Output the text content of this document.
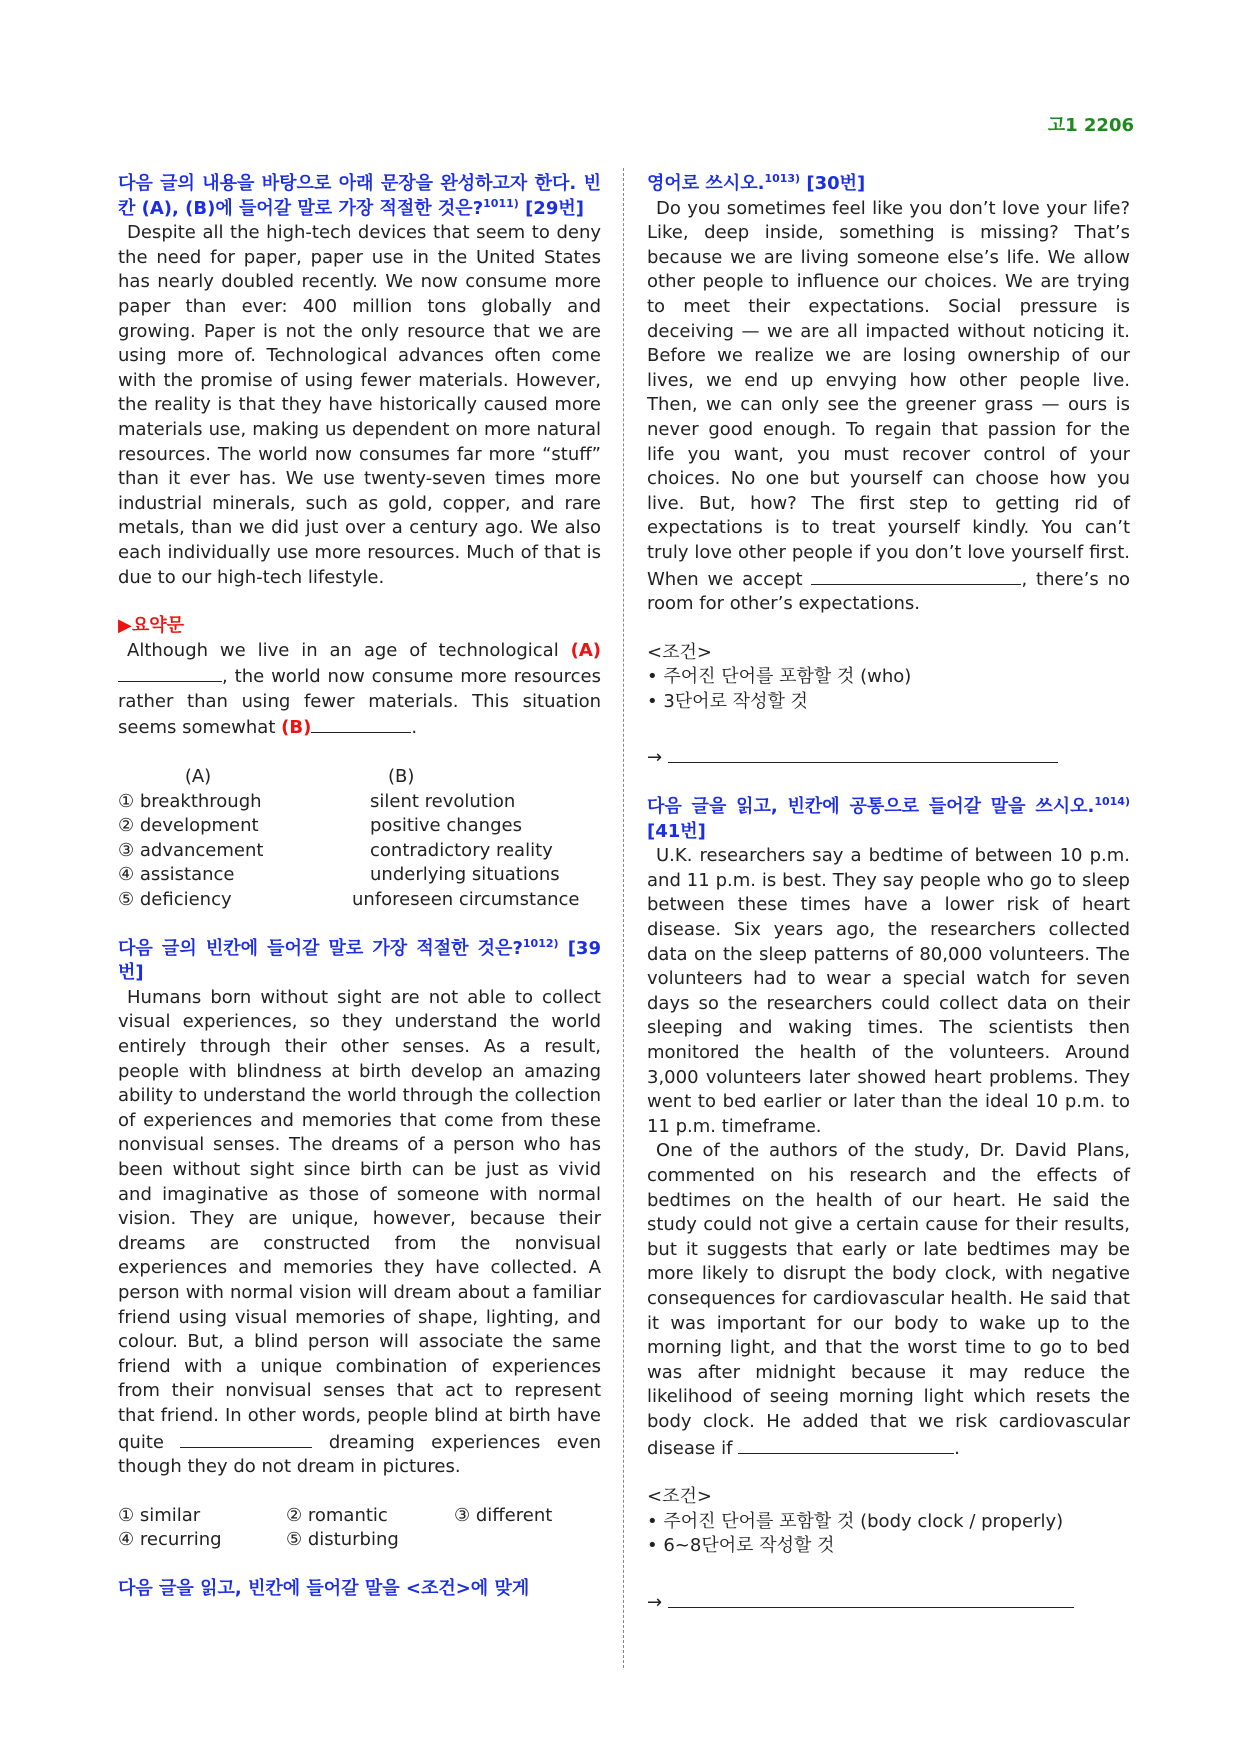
고1 2206

다음 글의 내용을 바탕으로 아래 문장을 완성하고자 한다. 빈칸 (A), (B)에 들어갈 말로 가장 적절한 것은?$^{1011)}$ [29번]

Despite all the high-tech devices that seem to deny the need for paper, paper use in the United States has nearly doubled recently. We now consume more paper than ever: 400 million tons globally and growing. Paper is not the only resource that we are using more of. Technological advances often come with the promise of using fewer materials. However, the reality is that they have historically caused more materials use, making us dependent on more natural resources. The world now consumes far more “stuff” than it ever has. We use twenty-seven times more industrial minerals, such as gold, copper, and rare metals, than we did just over a century ago. We also each individually use more resources. Much of that is due to our high-tech lifestyle.

▶요약문

Although we live in an age of technological (A), the world now consume more resources rather than using fewer materials. This situation seems somewhat (B)	.

(A)	(B)
① breakthrough	silent revolution
② development	positive changes
③ advancement	contradictory reality
④ assistance	underlying situations
⑤ deficiency	unforeseen circumstance

다음 글의 빈칸에 들어갈 말로 가장 적절한 것은?$^{1012)}$ [39번]

Humans born without sight are not able to collect visual experiences, so they understand the world entirely through their other senses. As a result, people with blindness at birth develop an amazing ability to understand the world through the collection of experiences and memories that come from these nonvisual senses. The dreams of a person who has been without sight since birth can be just as vivid and imaginative as those of someone with normal vision. They are unique, however, because their dreams are constructed from the nonvisual experiences and memories they have collected. A person with normal vision will dream about a familiar friend using visual memories of shape, lighting, and colour. But, a blind person will associate the same friend with a unique combination of experiences from their nonvisual senses that act to represent that friend. In other words, people blind at birth have quite	dreaming experiences even though they do not dream in pictures.

① similar	② romantic	③ different
④ recurring	⑤ disturbing

다음 글을 읽고, 빈칸에 들어갈 말을 <조건>에 맞게

영어로 쓰시오.$^{1013)}$ [30번]

Do you sometimes feel like you don’t love your life? Like, deep inside, something is missing? That’s because we are living someone else’s life. We allow other people to influence our choices. We are trying to meet their expectations. Social pressure is deceiving — we are all impacted without noticing it. Before we realize we are losing ownership of our lives, we end up envying how other people live. Then, we can only see the greener grass — ours is never good enough. To regain that passion for the life you want, you must recover control of your choices. No one but yourself can choose how you live. But, how? The first step to getting rid of expectations is to treat yourself kindly. You can’t truly love other people if you don’t love yourself first. When we accept	, there’s no room for other’s expectations.

<조건>

• 주어진 단어를 포함할 것 (who)

• 3단어로 작성할 것

→

다음 글을 읽고, 빈칸에 공통으로 들어갈 말을 쓰시오.$^{1014)}$ [41번]

U.K. researchers say a bedtime of between 10 p.m. and 11 p.m. is best. They say people who go to sleep between these times have a lower risk of heart disease. Six years ago, the researchers collected data on the sleep patterns of 80,000 volunteers. The volunteers had to wear a special watch for seven days so the researchers could collect data on their sleeping and waking times. The scientists then monitored the health of the volunteers. Around 3,000 volunteers later showed heart problems. They went to bed earlier or later than the ideal 10 p.m. to 11 p.m. timeframe.

One of the authors of the study, Dr. David Plans, commented on his research and the effects of bedtimes on the health of our heart. He said the study could not give a certain cause for their results, but it suggests that early or late bedtimes may be more likely to disrupt the body clock, with negative consequences for cardiovascular health. He said that it was important for our body to wake up to the morning light, and that the worst time to go to bed was after midnight because it may reduce the likelihood of seeing morning light which resets the body clock. He added that we risk cardiovascular disease if	.

<조건>

• 주어진 단어를 포함할 것 (body clock / properly)

• 6~8단어로 작성할 것

→
